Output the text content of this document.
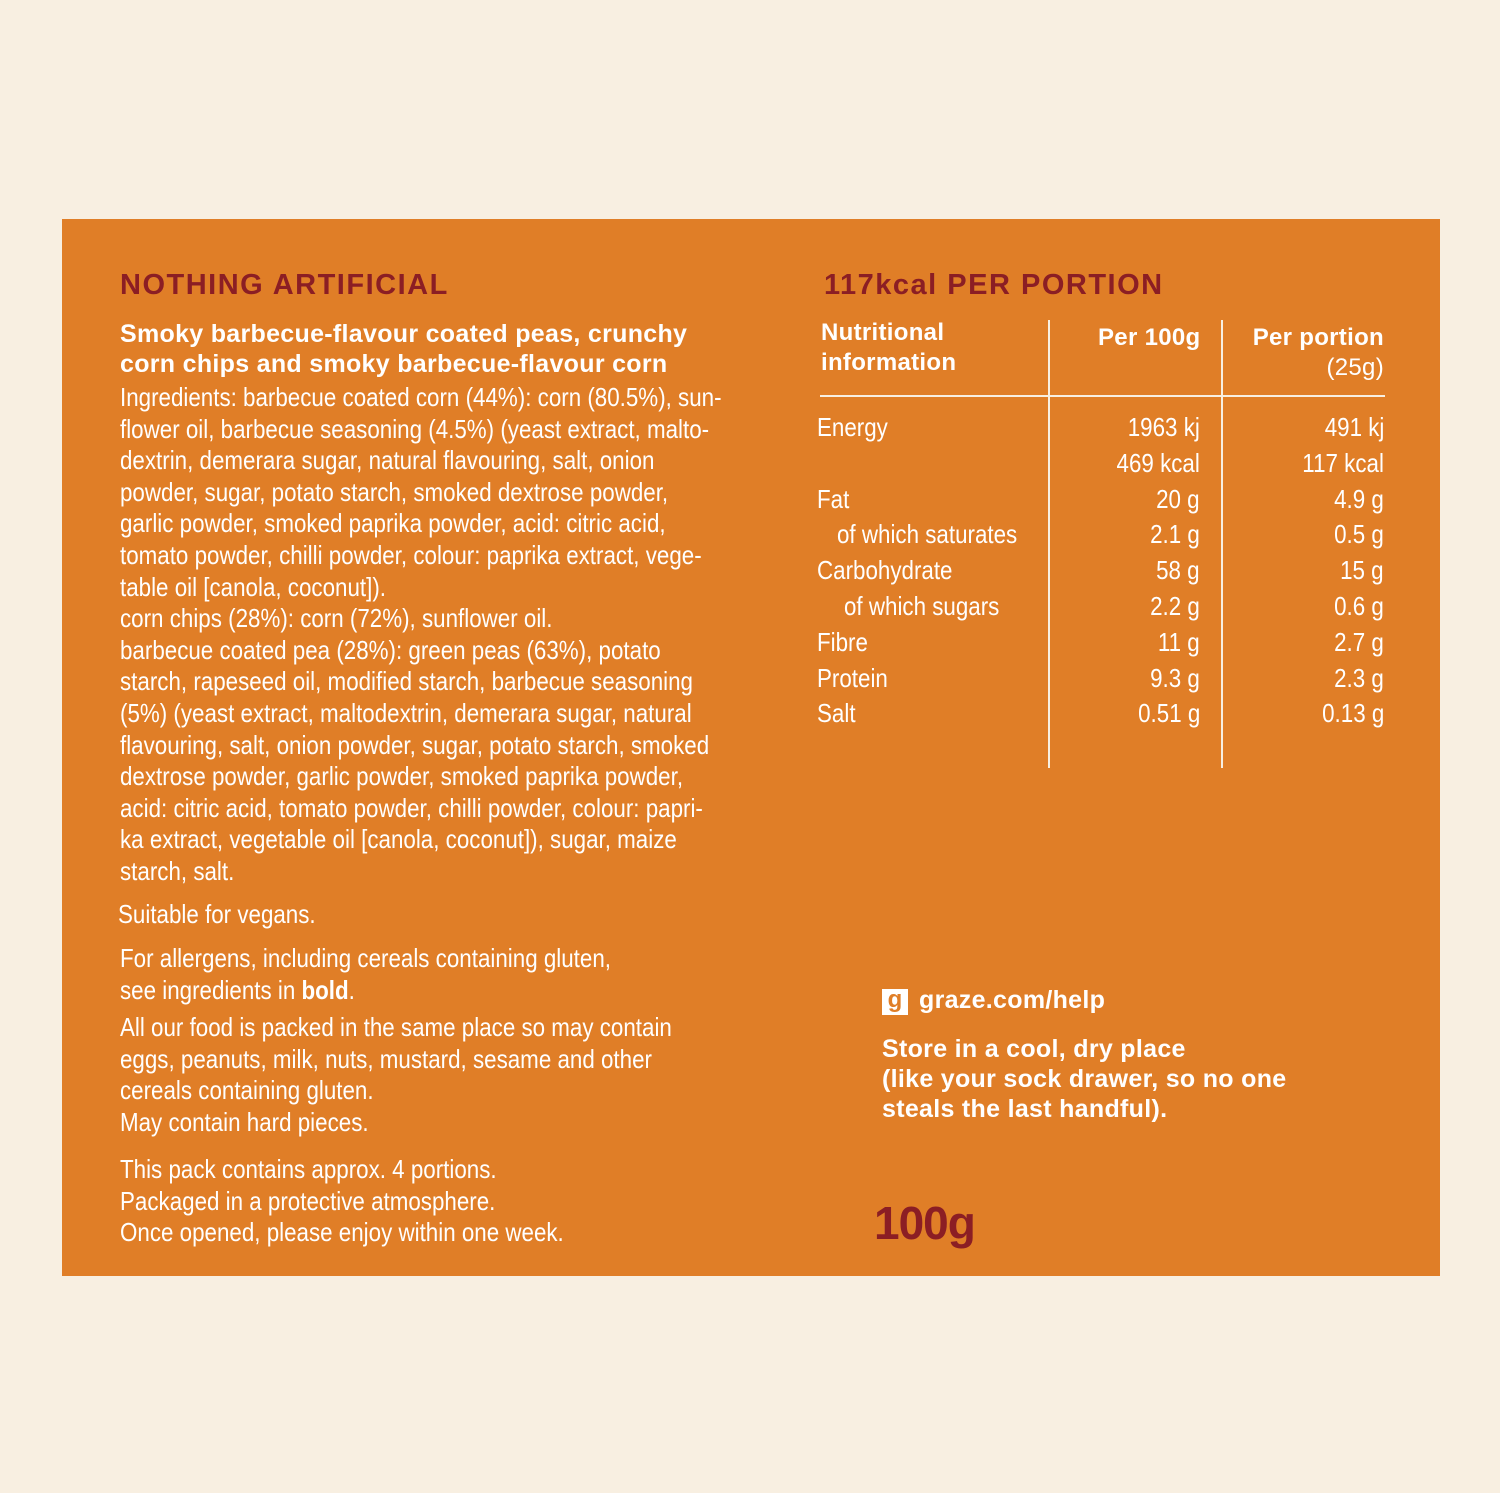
NOTHING ARTIFICIAL
Smoky barbecue-flavour coated peas, crunchy
corn chips and smoky barbecue-flavour corn
Ingredients: barbecue coated corn (44%): corn (80.5%), sun-
flower oil, barbecue seasoning (4.5%) (yeast extract, malto-
dextrin, demerara sugar, natural flavouring, salt, onion
powder, sugar, potato starch, smoked dextrose powder,
garlic powder, smoked paprika powder, acid: citric acid,
tomato powder, chilli powder, colour: paprika extract, vege-
table oil [canola, coconut]).
corn chips (28%): corn (72%), sunflower oil.
barbecue coated pea (28%): green peas (63%), potato
starch, rapeseed oil, modified starch, barbecue seasoning
(5%) (yeast extract, maltodextrin, demerara sugar, natural
flavouring, salt, onion powder, sugar, potato starch, smoked
dextrose powder, garlic powder, smoked paprika powder,
acid: citric acid, tomato powder, chilli powder, colour: papri-
ka extract, vegetable oil [canola, coconut]), sugar, maize
starch, salt.
Suitable for vegans.
For allergens, including cereals containing gluten,
see ingredients in bold.
All our food is packed in the same place so may contain
eggs, peanuts, milk, nuts, mustard, sesame and other
cereals containing gluten.
May contain hard pieces.
This pack contains approx. 4 portions.
Packaged in a protective atmosphere.
Once opened, please enjoy within one week.
117kcal PER PORTION
Nutritional
information
Per 100g Per portion
(25g)
Energy	1963 kj	491 kj
469 kcal	117 kcal
Fat	20 g	4.9 g
of which saturates	2.1 g	0.5 g
Carbohydrate	58 g	15 g
of which sugars	2.2 g	0.6 g
Fibre	11 g	2.7 g
Protein	9.3 g	2.3 g
Salt	0.51 g	0.13 g
g graze.com/help
Store in a cool, dry place
(like your sock drawer, so no one
steals the last handful).
100g
